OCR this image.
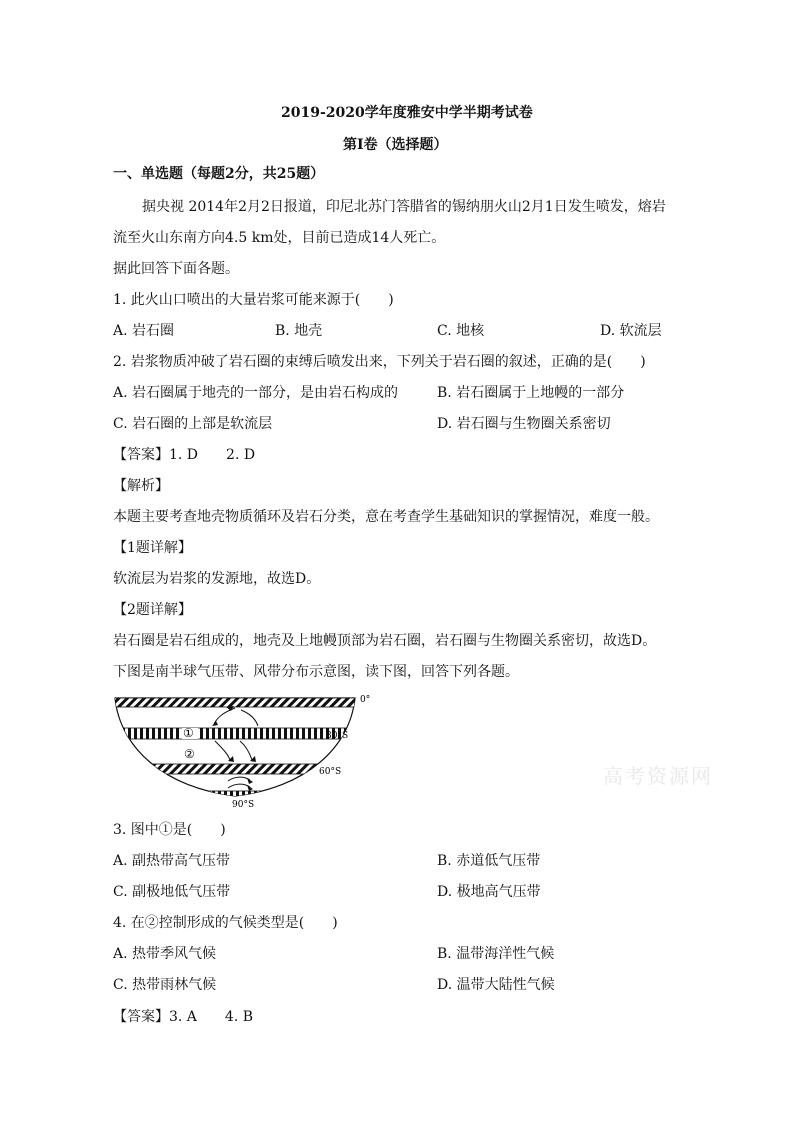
2019-2020学年度雅安中学半期考试卷
第I卷（选择题）
一、单选题（每题2分，共25题）
据央视 2014年2月2日报道，印尼北苏门答腊省的锡纳朋火山2月1日发生喷发，熔岩
流至火山东南方向4.5 km处，目前已造成14人死亡。
据此回答下面各题。
1. 此火山口喷出的大量岩浆可能来源于(　　)
A. 岩石圈	B. 地壳	C. 地核	D. 软流层
2. 岩浆物质冲破了岩石圈的束缚后喷发出来，下列关于岩石圈的叙述，正确的是(　　)
A. 岩石圈属于地壳的一部分，是由岩石构成的	B. 岩石圈属于上地幔的一部分
C. 岩石圈的上部是软流层	D. 岩石圈与生物圈关系密切
【答案】1. D　　2. D
【解析】
本题主要考查地壳物质循环及岩石分类，意在考查学生基础知识的掌握情况，难度一般。
【1题详解】
软流层为岩浆的发源地，故选D。
【2题详解】
岩石圈是岩石组成的，地壳及上地幔顶部为岩石圈，岩石圈与生物圈关系密切，故选D。
下图是南半球气压带、风带分布示意图，读下图，回答下列各题。
①
②
0°
30°S
60°S
90°S
高考资源网
3. 图中①是(　　)
A. 副热带高气压带	B. 赤道低气压带
C. 副极地低气压带	D. 极地高气压带
4. 在②控制形成的气候类型是(　　)
A. 热带季风气候	B. 温带海洋性气候
C. 热带雨林气候	D. 温带大陆性气候
【答案】3. A　　4. B
